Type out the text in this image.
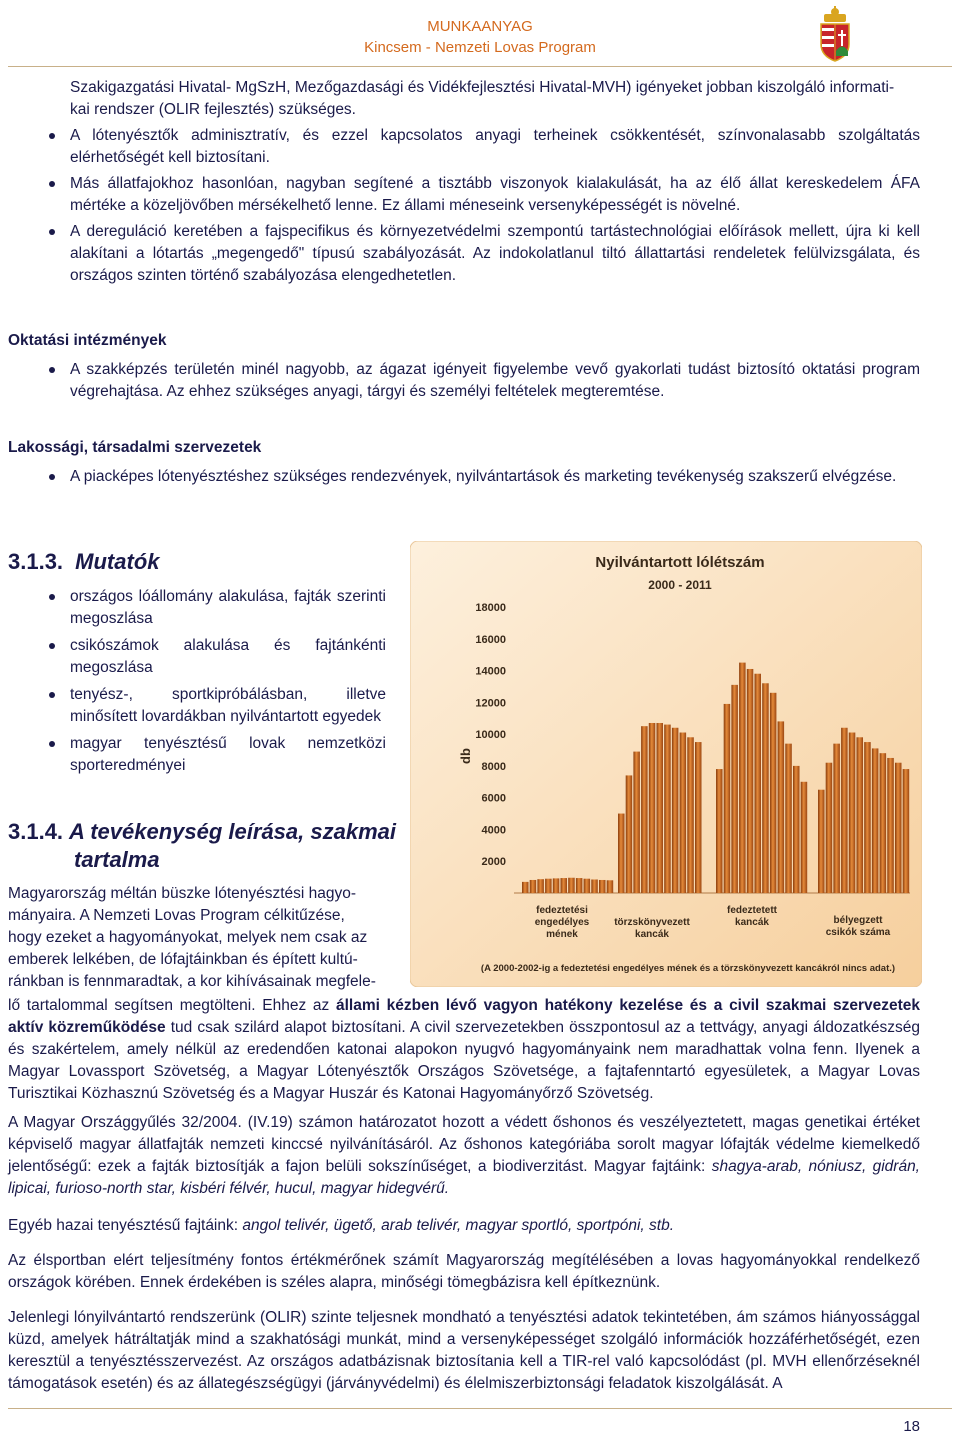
MUNKAANYAG
Kincsem - Nemzeti Lovas Program
Szakigazgatási Hivatal- MgSzH, Mezőgazdasági és Vidékfejlesztési Hivatal-MVH) igényeket jobban kiszolgáló informati-
kai rendszer (OLIR fejlesztés) szükséges.
A lótenyésztők adminisztratív, és ezzel kapcsolatos anyagi terheinek csökkentését, színvonalasabb szolgáltatás elérhetőségét kell biztosítani.
Más állatfajokhoz hasonlóan, nagyban segítené a tisztább viszonyok kialakulását, ha az élő állat kereskedelem ÁFA mértéke a közeljövőben mérsékelhető lenne. Ez állami méneseink versenyképességét is növelné.
A dereguláció keretében a fajspecifikus és környezetvédelmi szempontú tartástechnológiai előírások mellett, újra ki kell alakítani a lótartás „megengedő" típusú szabályozását. Az indokolatlanul tiltó állattartási rendeletek felülvizsgálata, és országos szinten történő szabályozása elengedhetetlen.
Oktatási intézmények
A szakképzés területén minél nagyobb, az ágazat igényeit figyelembe vevő gyakorlati tudást biztosító oktatási program végrehajtása. Az ehhez szükséges anyagi, tárgyi és személyi feltételek megteremtése.
Lakossági, társadalmi szervezetek
A piacképes lótenyésztéshez szükséges rendezvények, nyilvántartások és marketing tevékenység szakszerű elvégzése.
3.1.3. Mutatók
országos lóállomány alakulása, fajták szerinti megoszlása
csikószámok alakulása és fajtánkénti megoszlása
tenyész-, sportkipróbálásban, illetve minősített lovardákban nyilvántartott egyedek
magyar tenyésztésű lovak nemzetközi sporteredményei
3.1.4. A tevékenység leírása, szakmai
tartalma
Magyarország méltán büszke lótenyésztési hagyo-
mányaira. A Nemzeti Lovas Program célkitűzése,
hogy ezeket a hagyományokat, melyek nem csak az
emberek lelkében, de lófajtáinkban és épített kultú-
ránkban is fennmaradtak, a kor kihívásainak megfele-
Nyilvántartott lólétszám
2000 - 2011
db
2000
4000
6000
8000
10000
12000
14000
16000
18000
fedeztetési engedélyes mének
törzskönyvezett kancák
fedeztetett kancák	bélyegzett csikók száma
(A 2000-2002-ig a fedeztetési engedélyes mének és a törzskönyvezett kancákról nincs adat.)
lő tartalommal segítsen megtölteni. Ehhez az állami kézben lévő vagyon hatékony kezelése és a civil szakmai szervezetek aktív közreműködése tud csak szilárd alapot biztosítani. A civil szervezetekben összpontosul az a tettvágy, anyagi áldozatkészség és szakértelem, amely nélkül az eredendően katonai alapokon nyugvó hagyományaink nem maradhattak volna fenn. Ilyenek a Magyar Lovassport Szövetség, a Magyar Lótenyésztők Országos Szövetsége, a fajtafenntartó egyesületek, a Magyar Lovas Turisztikai Közhasznú Szövetség és a Magyar Huszár és Katonai Hagyományőrző Szövetség.
A Magyar Országgyűlés 32/2004. (IV.19) számon határozatot hozott a védett őshonos és veszélyeztetett, magas genetikai értéket képviselő magyar állatfajták nemzeti kinccsé nyilvánításáról. Az őshonos kategóriába sorolt magyar lófajták védelme kiemelkedő jelentőségű: ezek a fajták biztosítják a fajon belüli sokszínűséget, a biodiverzitást. Magyar fajtáink: shagya-arab, nóniusz, gidrán, lipicai, furioso-north star, kisbéri félvér, hucul, magyar hidegvérű.
Egyéb hazai tenyésztésű fajtáink: angol telivér, ügető, arab telivér, magyar sportló, sportpóni, stb.
Az élsportban elért teljesítmény fontos értékmérőnek számít Magyarország megítélésében a lovas hagyományokkal rendelkező országok körében. Ennek érdekében is széles alapra, minőségi tömegbázisra kell építkeznünk.
Jelenlegi lónyilvántartó rendszerünk (OLIR) szinte teljesnek mondható a tenyésztési adatok tekintetében, ám számos hiányossággal küzd, amelyek hátráltatják mind a szakhatósági munkát, mind a versenyképességet szolgáló információk hozzáférhetőségét, ezen keresztül a tenyésztésszervezést. Az országos adatbázisnak biztosítania kell a TIR-rel való kapcsolódást (pl. MVH ellenőrzéseknél támogatások esetén) és az állategészségügyi (járványvédelmi) és élelmiszerbiztonsági feladatok kiszolgálását. A
18
